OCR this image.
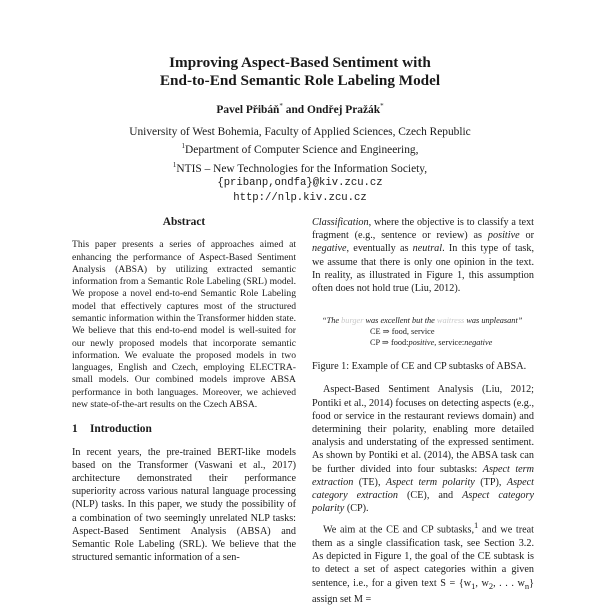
Improving Aspect-Based Sentiment with
End-to-End Semantic Role Labeling Model
Pavel Přibáň* and Ondřej Pražák*
University of West Bohemia, Faculty of Applied Sciences, Czech Republic
$^1$Department of Computer Science and Engineering,
$^1$NTIS – New Technologies for the Information Society,
{pribanp,ondfa}@kiv.zcu.cz
http://nlp.kiv.zcu.cz
Abstract

This paper presents a series of approaches aimed at enhancing the performance of Aspect-Based Sentiment Analysis (ABSA) by utilizing extracted semantic information from a Semantic Role Labeling (SRL) model. We propose a novel end-to-end Semantic Role Labeling model that effectively captures most of the structured semantic information within the Transformer hidden state. We believe that this end-to-end model is well-suited for our newly proposed models that incorporate semantic information. We evaluate the proposed models in two languages, English and Czech, employing ELECTRA-small models. Our combined models improve ABSA performance in both languages. Moreover, we achieved new state-of-the-art results on the Czech ABSA.

1 Introduction

In recent years, the pre-trained BERT-like models based on the Transformer (Vaswani et al., 2017) architecture demonstrated their performance superiority across various natural language processing (NLP) tasks. In this paper, we study the possibility of a combination of two seemingly unrelated NLP tasks: Aspect-Based Sentiment Analysis (ABSA) and Semantic Role Labeling (SRL). We believe that the structured semantic information of a sen-

Classification, where the objective is to classify a text fragment (e.g., sentence or review) as positive or negative, eventually as neutral. In this type of task, we assume that there is only one opinion in the text. In reality, as illustrated in Figure 1, this assumption often does not hold true (Liu, 2012).

“The burger was excellent but the waitress was unpleasant”
CE ⇒ food, service
CP ⇒ food:positive, service:negative
Figure 1: Example of CE and CP subtasks of ABSA.

Aspect-Based Sentiment Analysis (Liu, 2012; Pontiki et al., 2014) focuses on detecting aspects (e.g., food or service in the restaurant reviews domain) and determining their polarity, enabling more detailed analysis and understating of the expressed sentiment. As shown by Pontiki et al. (2014), the ABSA task can be further divided into four subtasks: Aspect term extraction (TE), Aspect term polarity (TP), Aspect category extraction (CE), and Aspect category polarity (CP).

We aim at the CE and CP subtasks,$^1$ and we treat them as a single classification task, see Section 3.2. As depicted in Figure 1, the goal of the CE subtask is to detect a set of aspect categories within a given sentence, i.e., for a given text $S = \{w_1$, $w_2$, . . . $w_n$} assign set M =
